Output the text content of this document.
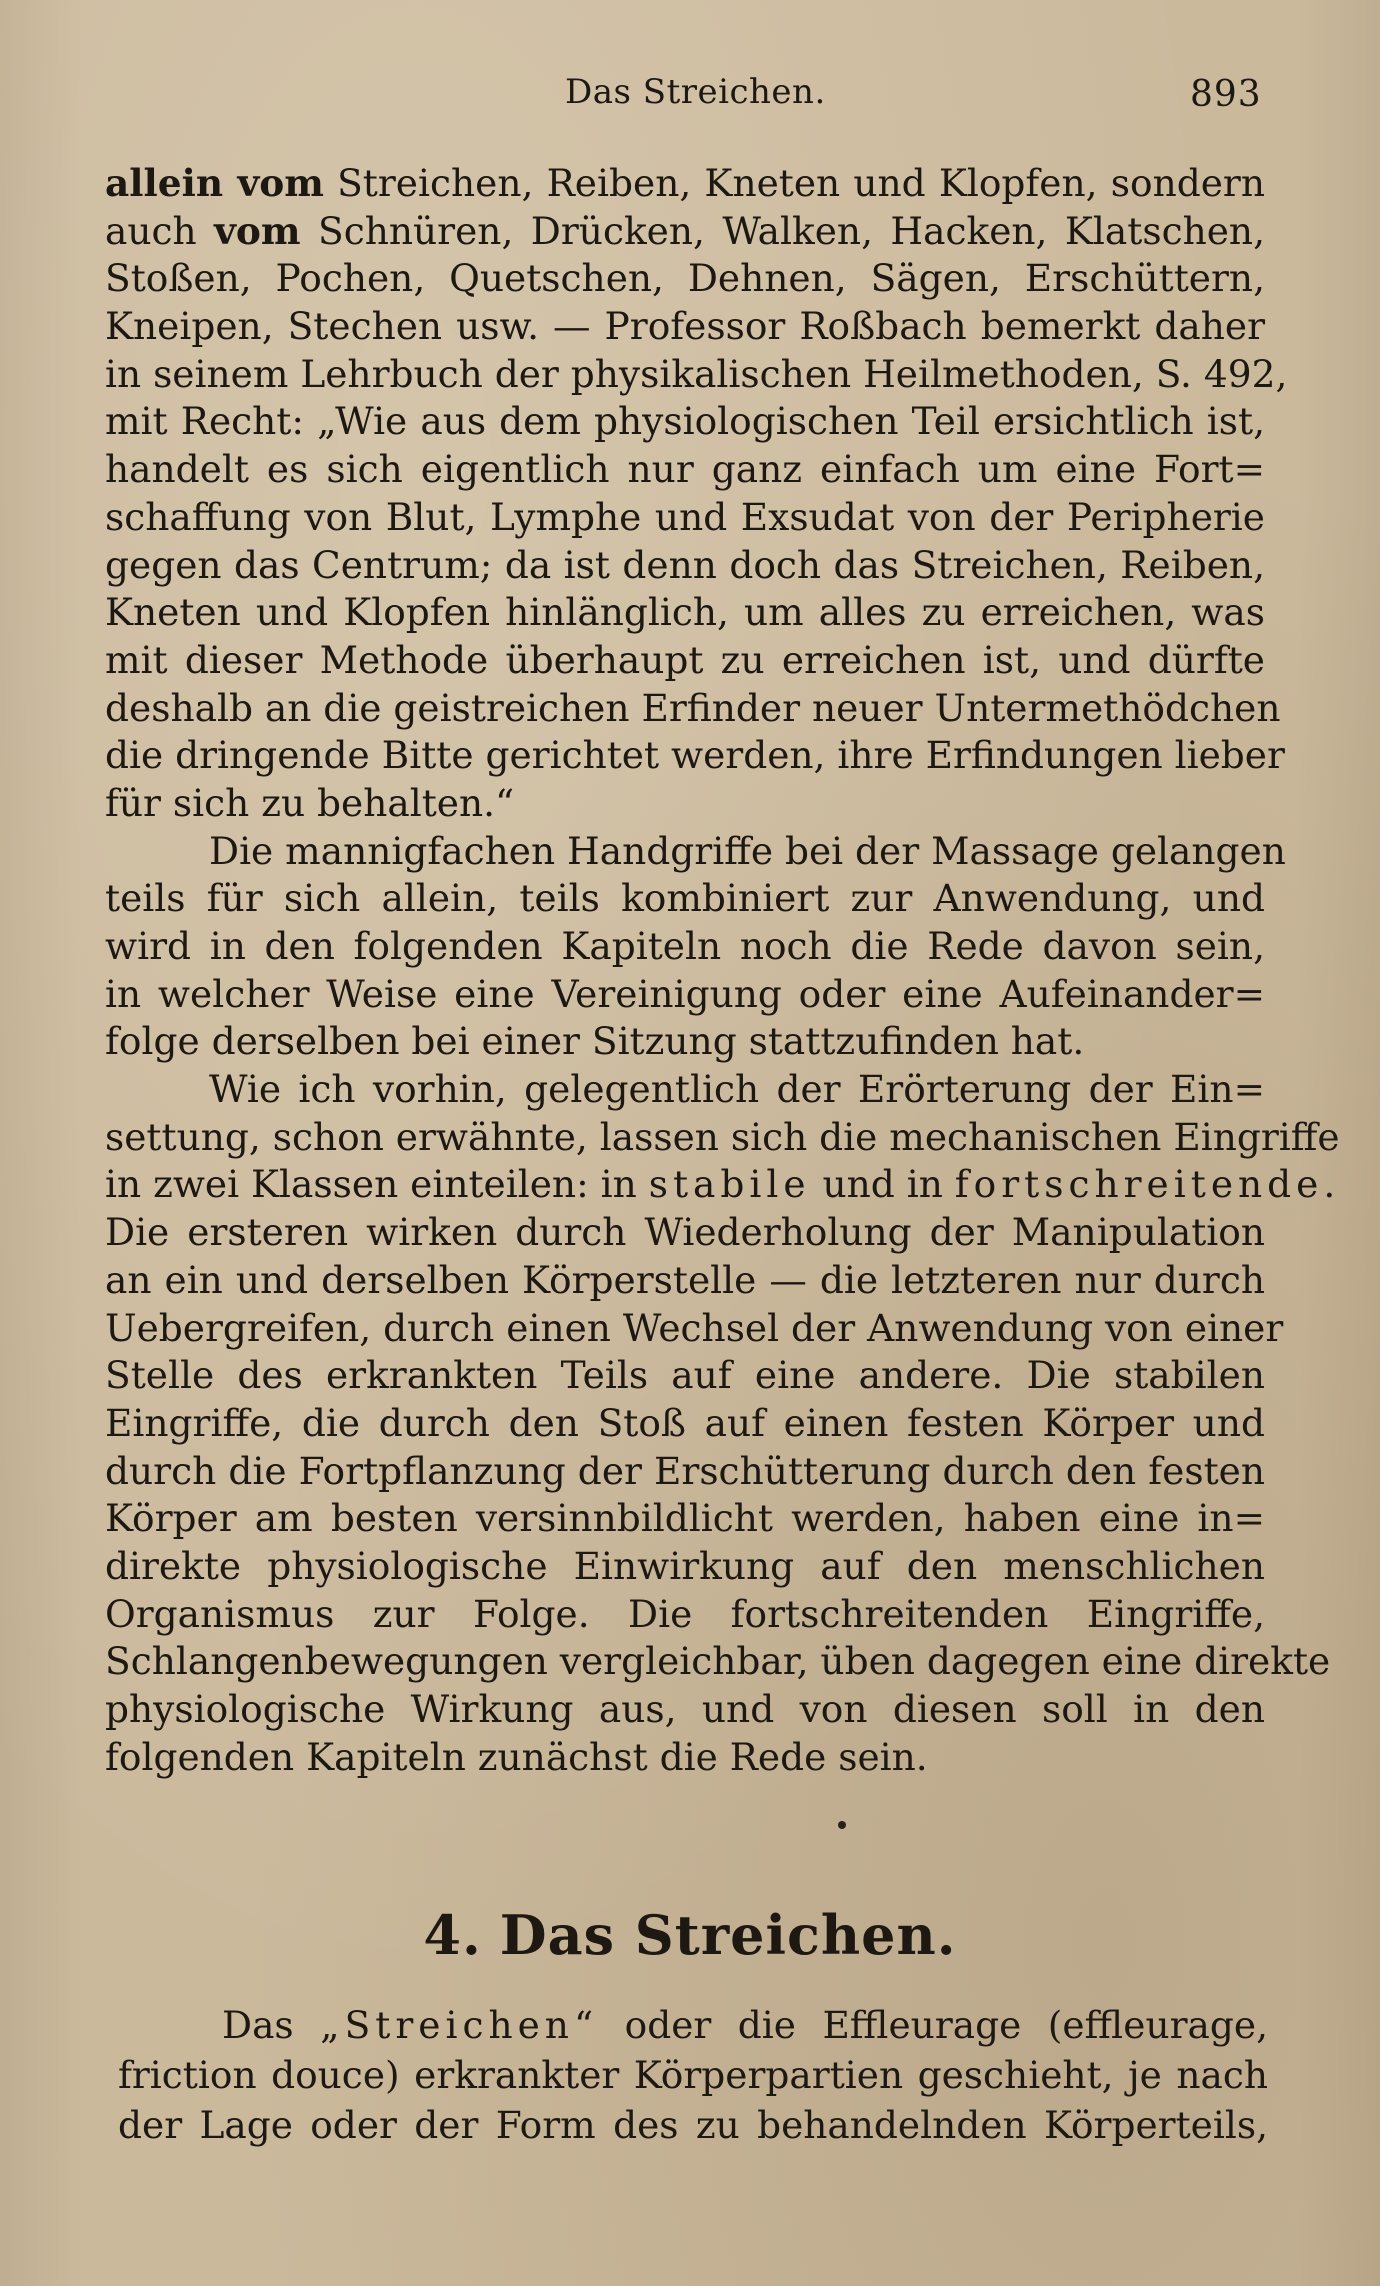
Das Streichen.	893
allein vom Streichen, Reiben, Kneten und Klopfen, sondern
auch vom Schnüren, Drücken, Walken, Hacken, Klatschen,
Stoßen, Pochen, Quetschen, Dehnen, Sägen, Erschüttern,
Kneipen, Stechen usw. — Professor Roßbach bemerkt daher
in seinem Lehrbuch der physikalischen Heilmethoden, S. 492,
mit Recht: „Wie aus dem physiologischen Teil ersichtlich ist,
handelt es sich eigentlich nur ganz einfach um eine Fort=
schaffung von Blut, Lymphe und Exsudat von der Peripherie
gegen das Centrum; da ist denn doch das Streichen, Reiben,
Kneten und Klopfen hinlänglich, um alles zu erreichen, was
mit dieser Methode überhaupt zu erreichen ist, und dürfte
deshalb an die geistreichen Erfinder neuer Untermethödchen
die dringende Bitte gerichtet werden, ihre Erfindungen lieber
für sich zu behalten.“
Die mannigfachen Handgriffe bei der Massage gelangen
teils für sich allein, teils kombiniert zur Anwendung, und
wird in den folgenden Kapiteln noch die Rede davon sein,
in welcher Weise eine Vereinigung oder eine Aufeinander=
folge derselben bei einer Sitzung stattzufinden hat.
Wie ich vorhin, gelegentlich der Erörterung der Ein=
settung, schon erwähnte, lassen sich die mechanischen Eingriffe
in zwei Klassen einteilen: in stabile und in fortschreitende.
Die ersteren wirken durch Wiederholung der Manipulation
an ein und derselben Körperstelle — die letzteren nur durch
Uebergreifen, durch einen Wechsel der Anwendung von einer
Stelle des erkrankten Teils auf eine andere. Die stabilen
Eingriffe, die durch den Stoß auf einen festen Körper und
durch die Fortpflanzung der Erschütterung durch den festen
Körper am besten versinnbildlicht werden, haben eine in=
direkte physiologische Einwirkung auf den menschlichen
Organismus zur Folge. Die fortschreitenden Eingriffe,
Schlangenbewegungen vergleichbar, üben dagegen eine direkte
physiologische Wirkung aus, und von diesen soll in den
folgenden Kapiteln zunächst die Rede sein.
4. Das Streichen.
Das „Streichen“ oder die Effleurage (effleurage,
friction douce) erkrankter Körperpartien geschieht, je nach
der Lage oder der Form des zu behandelnden Körperteils,
